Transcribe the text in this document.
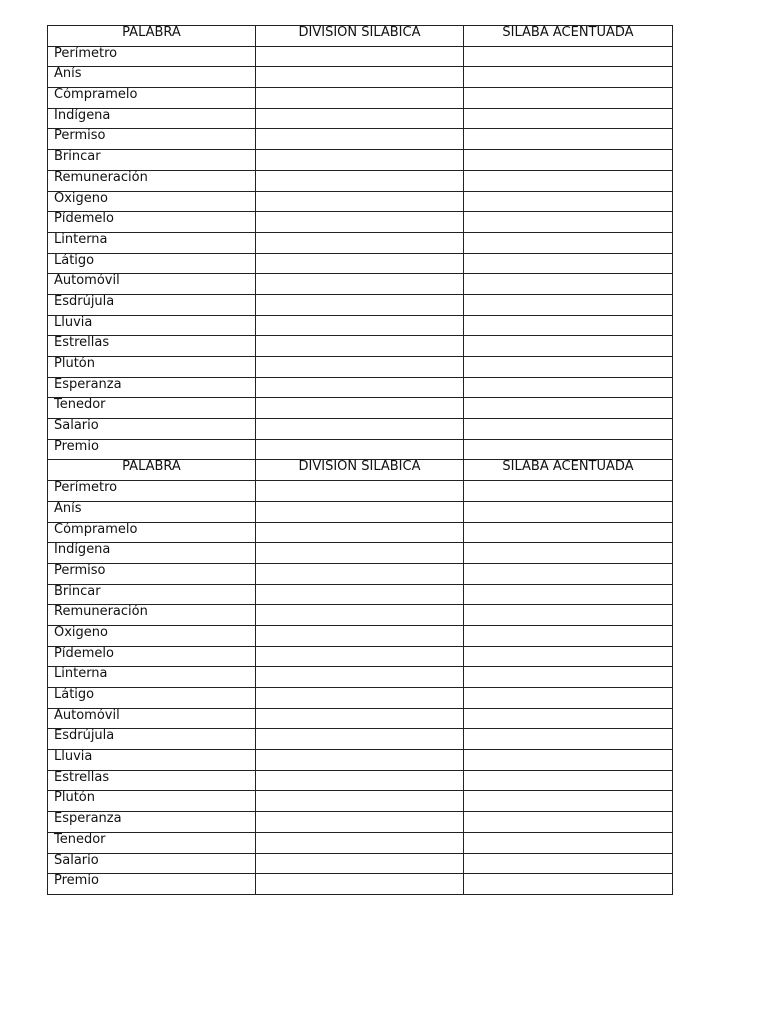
PALABRA	DIVISION SILABICA	SILABA ACENTUADA
Perímetro		
Anís		
Cómpramelo		
Indígena		
Permiso		
Brincar		
Remuneración		
Oxigeno		
Pídemelo		
Linterna		
Látigo		
Automóvil		
Esdrújula		
Lluvia		
Estrellas		
Plutón		
Esperanza		
Tenedor		
Salario		
Premio		
PALABRA	DIVISION SILABICA	SILABA ACENTUADA
Perímetro		
Anís		
Cómpramelo		
Indígena		
Permiso		
Brincar		
Remuneración		
Oxigeno		
Pídemelo		
Linterna		
Látigo		
Automóvil		
Esdrújula		
Lluvia		
Estrellas		
Plutón		
Esperanza		
Tenedor		
Salario		
Premio		
